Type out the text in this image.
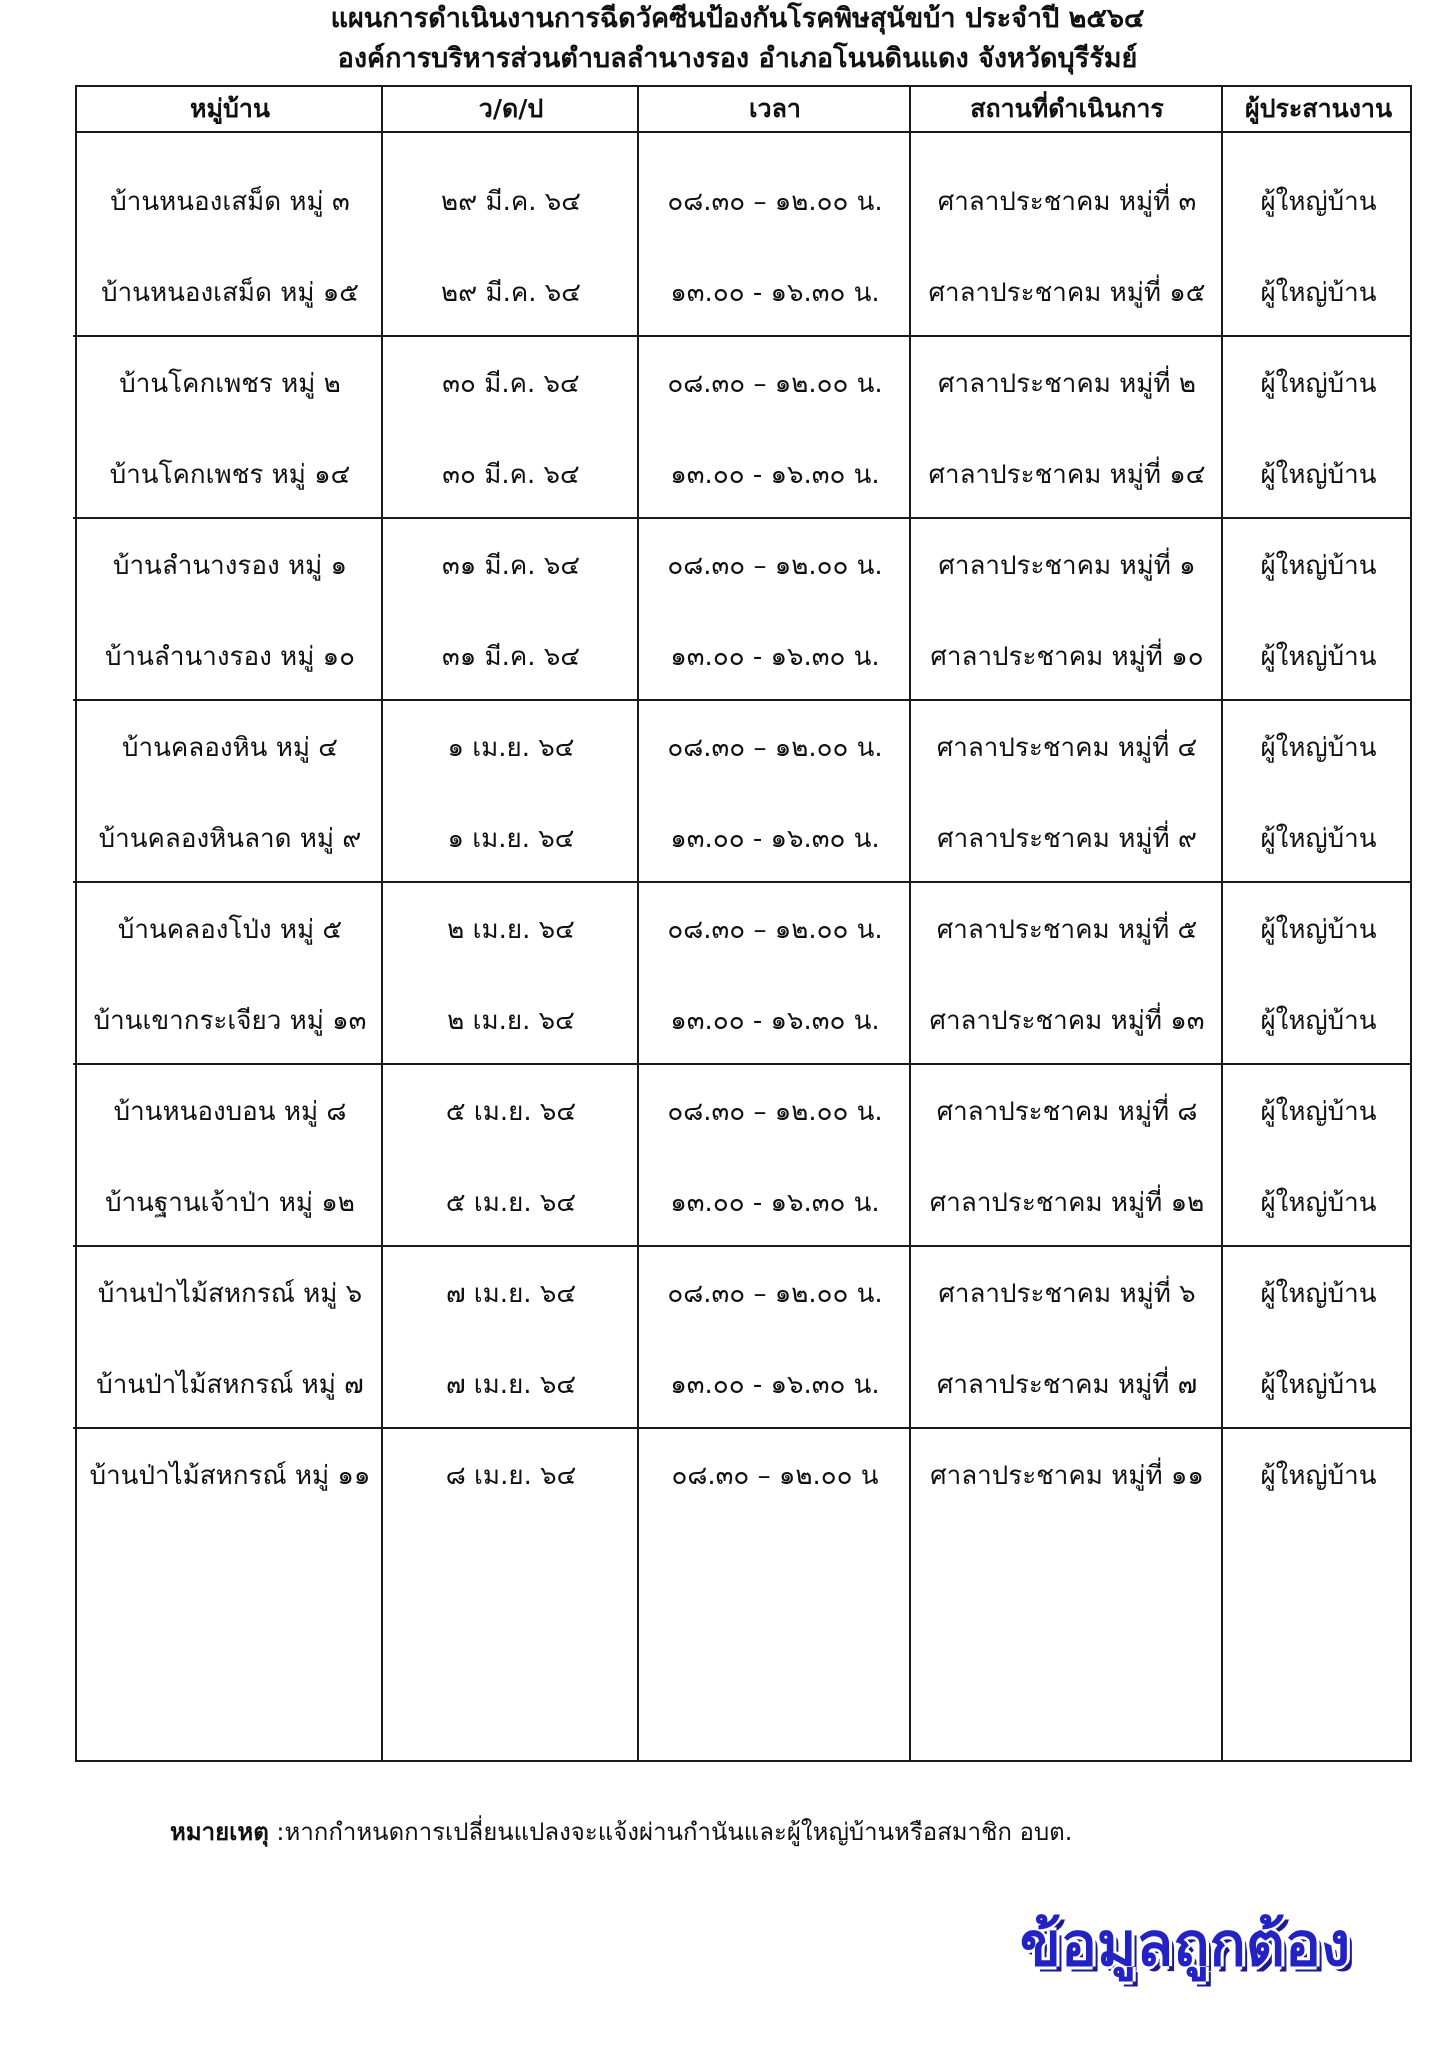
แผนการดำเนินงานการฉีดวัคซีนป้องกันโรคพิษสุนัขบ้า ประจำปี ๒๕๖๔
องค์การบริหารส่วนตำบลลำนางรอง อำเภอโนนดินแดง จังหวัดบุรีรัมย์
หมู่บ้าน	ว/ด/ป	เวลา	สถานที่ดำเนินการ	ผู้ประสานงาน
บ้านหนองเสม็ด หมู่ ๓	๒๙ มี.ค. ๖๔	๐๘.๓๐ – ๑๒.๐๐ น.	ศาลาประชาคม หมู่ที่ ๓	ผู้ใหญ่บ้าน
บ้านหนองเสม็ด หมู่ ๑๕	๒๙ มี.ค. ๖๔	๑๓.๐๐ - ๑๖.๓๐ น.	ศาลาประชาคม หมู่ที่ ๑๕	ผู้ใหญ่บ้าน
บ้านโคกเพชร หมู่ ๒	๓๐ มี.ค. ๖๔	๐๘.๓๐ – ๑๒.๐๐ น.	ศาลาประชาคม หมู่ที่ ๒	ผู้ใหญ่บ้าน
บ้านโคกเพชร หมู่ ๑๔	๓๐ มี.ค. ๖๔	๑๓.๐๐ - ๑๖.๓๐ น.	ศาลาประชาคม หมู่ที่ ๑๔	ผู้ใหญ่บ้าน
บ้านลำนางรอง หมู่ ๑	๓๑ มี.ค. ๖๔	๐๘.๓๐ – ๑๒.๐๐ น.	ศาลาประชาคม หมู่ที่ ๑	ผู้ใหญ่บ้าน
บ้านลำนางรอง หมู่ ๑๐	๓๑ มี.ค. ๖๔	๑๓.๐๐ - ๑๖.๓๐ น.	ศาลาประชาคม หมู่ที่ ๑๐	ผู้ใหญ่บ้าน
บ้านคลองหิน หมู่ ๔	๑ เม.ย. ๖๔	๐๘.๓๐ – ๑๒.๐๐ น.	ศาลาประชาคม หมู่ที่ ๔	ผู้ใหญ่บ้าน
บ้านคลองหินลาด หมู่ ๙	๑ เม.ย. ๖๔	๑๓.๐๐ - ๑๖.๓๐ น.	ศาลาประชาคม หมู่ที่ ๙	ผู้ใหญ่บ้าน
บ้านคลองโป่ง หมู่ ๕	๒ เม.ย. ๖๔	๐๘.๓๐ – ๑๒.๐๐ น.	ศาลาประชาคม หมู่ที่ ๕	ผู้ใหญ่บ้าน
บ้านเขากระเจียว หมู่ ๑๓	๒ เม.ย. ๖๔	๑๓.๐๐ - ๑๖.๓๐ น.	ศาลาประชาคม หมู่ที่ ๑๓	ผู้ใหญ่บ้าน
บ้านหนองบอน หมู่ ๘	๕ เม.ย. ๖๔	๐๘.๓๐ – ๑๒.๐๐ น.	ศาลาประชาคม หมู่ที่ ๘	ผู้ใหญ่บ้าน
บ้านฐานเจ้าป่า หมู่ ๑๒	๕ เม.ย. ๖๔	๑๓.๐๐ - ๑๖.๓๐ น.	ศาลาประชาคม หมู่ที่ ๑๒	ผู้ใหญ่บ้าน
บ้านป่าไม้สหกรณ์ หมู่ ๖	๗ เม.ย. ๖๔	๐๘.๓๐ – ๑๒.๐๐ น.	ศาลาประชาคม หมู่ที่ ๖	ผู้ใหญ่บ้าน
บ้านป่าไม้สหกรณ์ หมู่ ๗	๗ เม.ย. ๖๔	๑๓.๐๐ - ๑๖.๓๐ น.	ศาลาประชาคม หมู่ที่ ๗	ผู้ใหญ่บ้าน
บ้านป่าไม้สหกรณ์ หมู่ ๑๑	๘ เม.ย. ๖๔	๐๘.๓๐ – ๑๒.๐๐ น	ศาลาประชาคม หมู่ที่ ๑๑	ผู้ใหญ่บ้าน
หมายเหตุ :หากกำหนดการเปลี่ยนแปลงจะแจ้งผ่านกำนันและผู้ใหญ่บ้านหรือสมาชิก อบต.
ข้อมูลถูกต้อง
